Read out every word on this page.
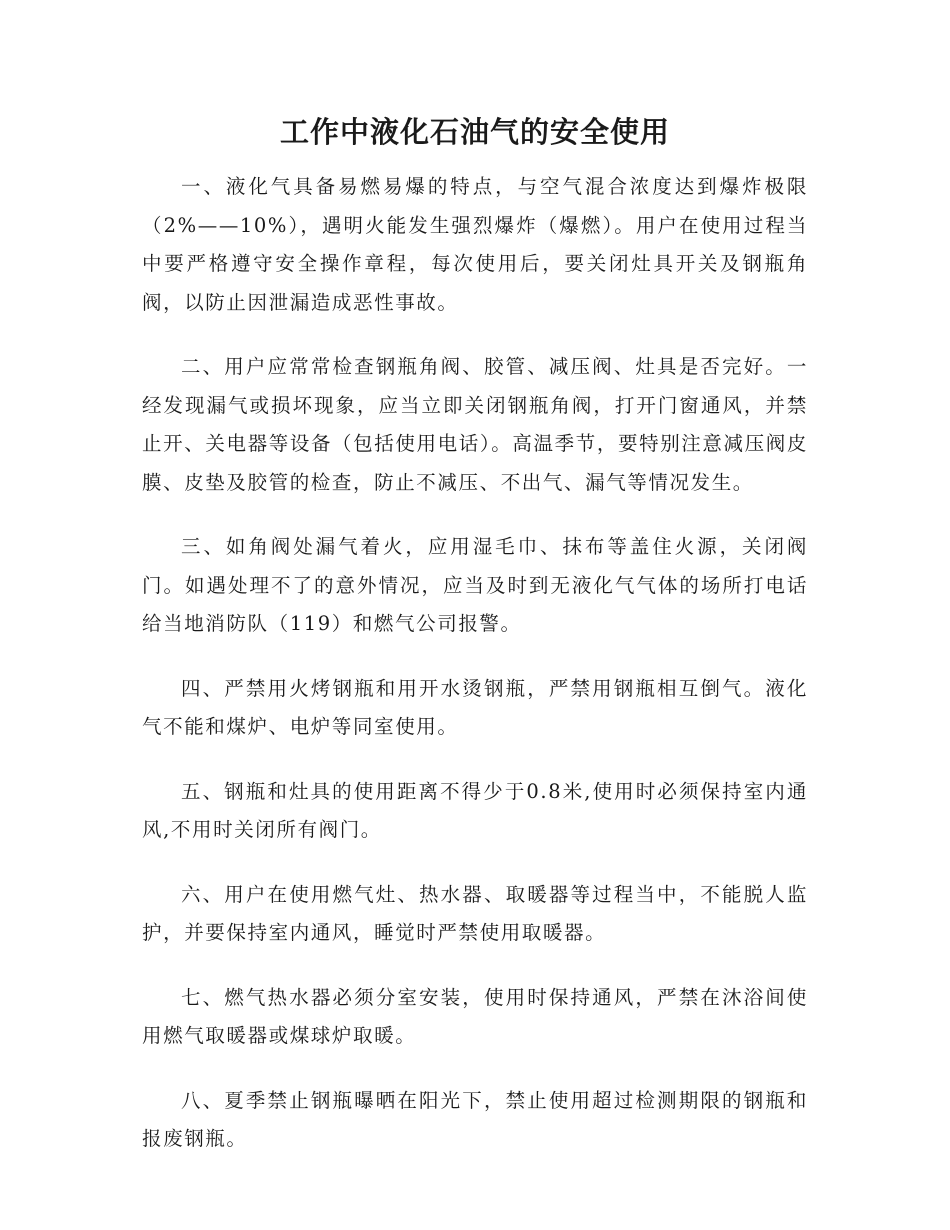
工作中液化石油气的安全使用

一、液化气具备易燃易爆的特点，与空气混合浓度达到爆炸极限（2%——10%），遇明火能发生强烈爆炸（爆燃）。用户在使用过程当中要严格遵守安全操作章程，每次使用后，要关闭灶具开关及钢瓶角阀，以防止因泄漏造成恶性事故。

二、用户应常常检查钢瓶角阀、胶管、减压阀、灶具是否完好。一经发现漏气或损坏现象，应当立即关闭钢瓶角阀，打开门窗通风，并禁止开、关电器等设备（包括使用电话）。高温季节，要特别注意减压阀皮膜、皮垫及胶管的检查，防止不减压、不出气、漏气等情况发生。

三、如角阀处漏气着火，应用湿毛巾、抹布等盖住火源，关闭阀门。如遇处理不了的意外情况，应当及时到无液化气气体的场所打电话给当地消防队（119）和燃气公司报警。

四、严禁用火烤钢瓶和用开水烫钢瓶，严禁用钢瓶相互倒气。液化气不能和煤炉、电炉等同室使用。

五、钢瓶和灶具的使用距离不得少于0.8米,使用时必须保持室内通风,不用时关闭所有阀门。

六、用户在使用燃气灶、热水器、取暖器等过程当中，不能脱人监护，并要保持室内通风，睡觉时严禁使用取暖器。

七、燃气热水器必须分室安装，使用时保持通风，严禁在沐浴间使用燃气取暖器或煤球炉取暖。

八、夏季禁止钢瓶曝晒在阳光下，禁止使用超过检测期限的钢瓶和报废钢瓶。
